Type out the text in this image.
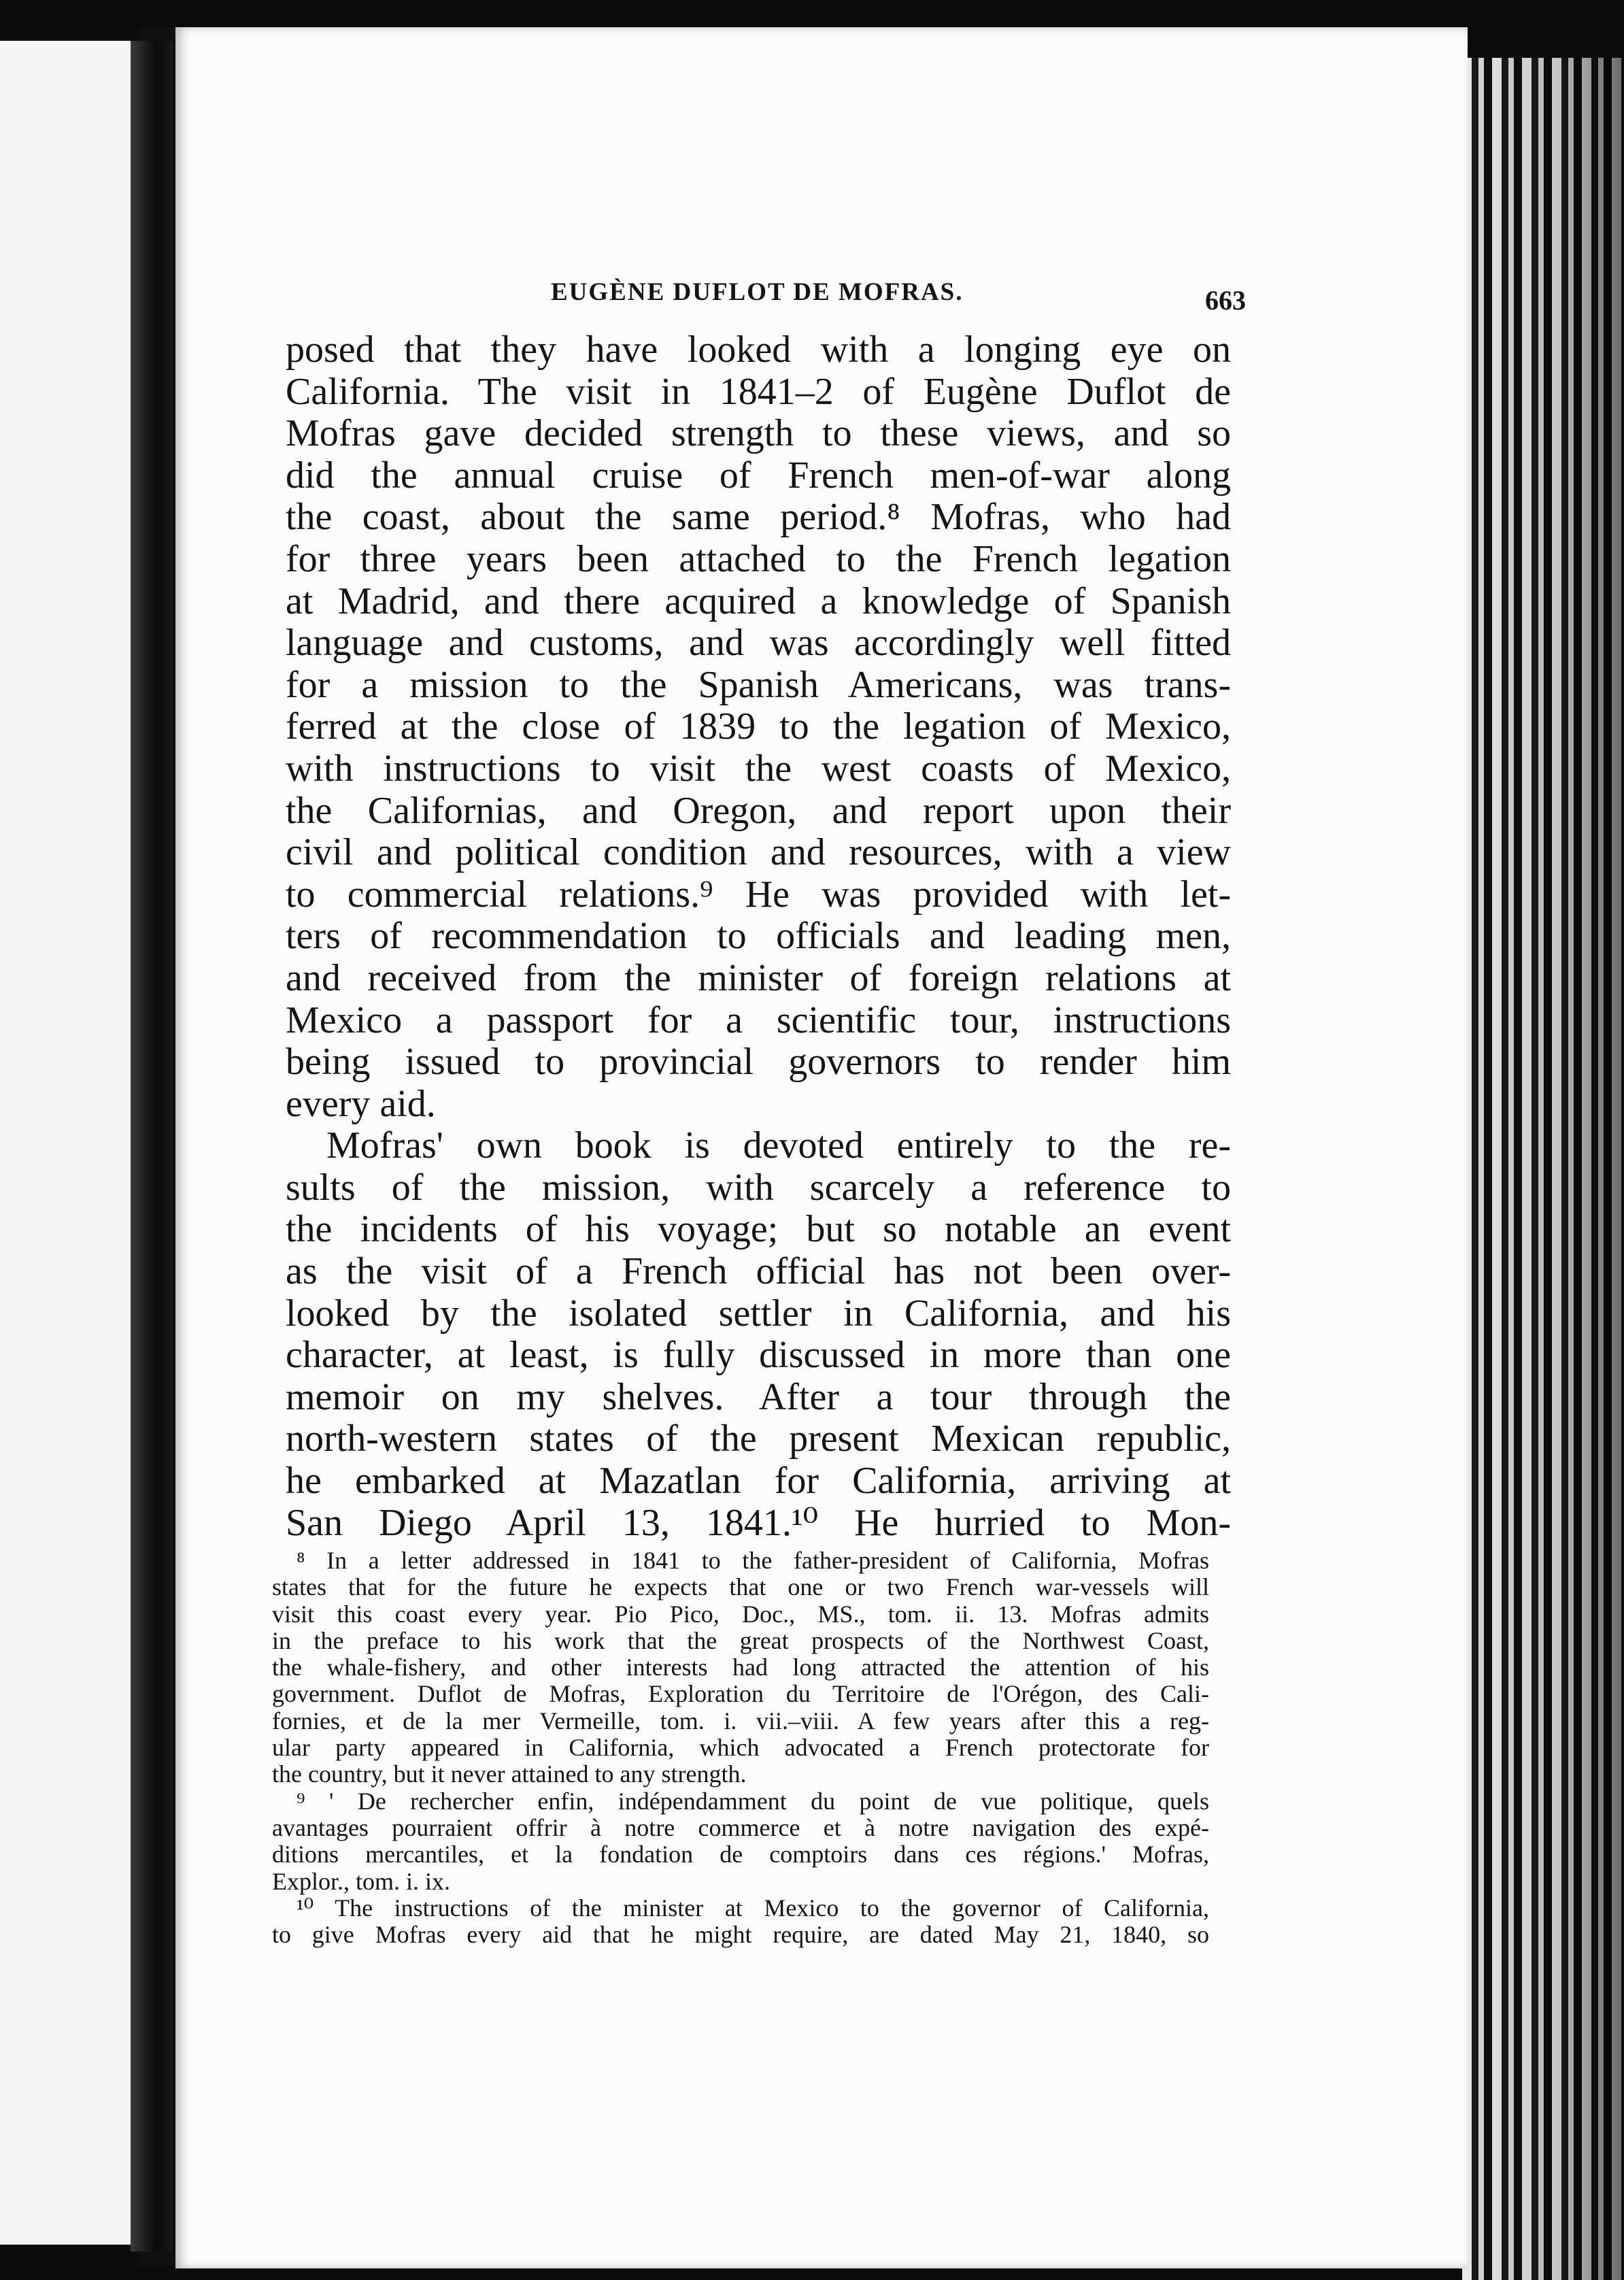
EUGÈNE DUFLOT DE MOFRAS.	663
posed that they have looked with a longing eye on
California. The visit in 1841–2 of Eugène Duflot de
Mofras gave decided strength to these views, and so
did the annual cruise of French men-of-war along
the coast, about the same period.⁸ Mofras, who had
for three years been attached to the French legation
at Madrid, and there acquired a knowledge of Spanish
language and customs, and was accordingly well fitted
for a mission to the Spanish Americans, was trans-
ferred at the close of 1839 to the legation of Mexico,
with instructions to visit the west coasts of Mexico,
the Californias, and Oregon, and report upon their
civil and political condition and resources, with a view
to commercial relations.⁹ He was provided with let-
ters of recommendation to officials and leading men,
and received from the minister of foreign relations at
Mexico a passport for a scientific tour, instructions
being issued to provincial governors to render him
every aid.
Mofras' own book is devoted entirely to the re-
sults of the mission, with scarcely a reference to
the incidents of his voyage; but so notable an event
as the visit of a French official has not been over-
looked by the isolated settler in California, and his
character, at least, is fully discussed in more than one
memoir on my shelves. After a tour through the
north-western states of the present Mexican republic,
he embarked at Mazatlan for California, arriving at
San Diego April 13, 1841.¹⁰ He hurried to Mon-
⁸ In a letter addressed in 1841 to the father-president of California, Mofras
states that for the future he expects that one or two French war-vessels will
visit this coast every year. Pio Pico, Doc., MS., tom. ii. 13. Mofras admits
in the preface to his work that the great prospects of the Northwest Coast,
the whale-fishery, and other interests had long attracted the attention of his
government. Duflot de Mofras, Exploration du Territoire de l'Orégon, des Cali-
fornies, et de la mer Vermeille, tom. i. vii.–viii. A few years after this a reg-
ular party appeared in California, which advocated a French protectorate for
the country, but it never attained to any strength.
⁹ ' De rechercher enfin, indépendamment du point de vue politique, quels
avantages pourraient offrir à notre commerce et à notre navigation des expé-
ditions mercantiles, et la fondation de comptoirs dans ces régions.' Mofras,
Explor., tom. i. ix.
¹⁰ The instructions of the minister at Mexico to the governor of California,
to give Mofras every aid that he might require, are dated May 21, 1840, so
